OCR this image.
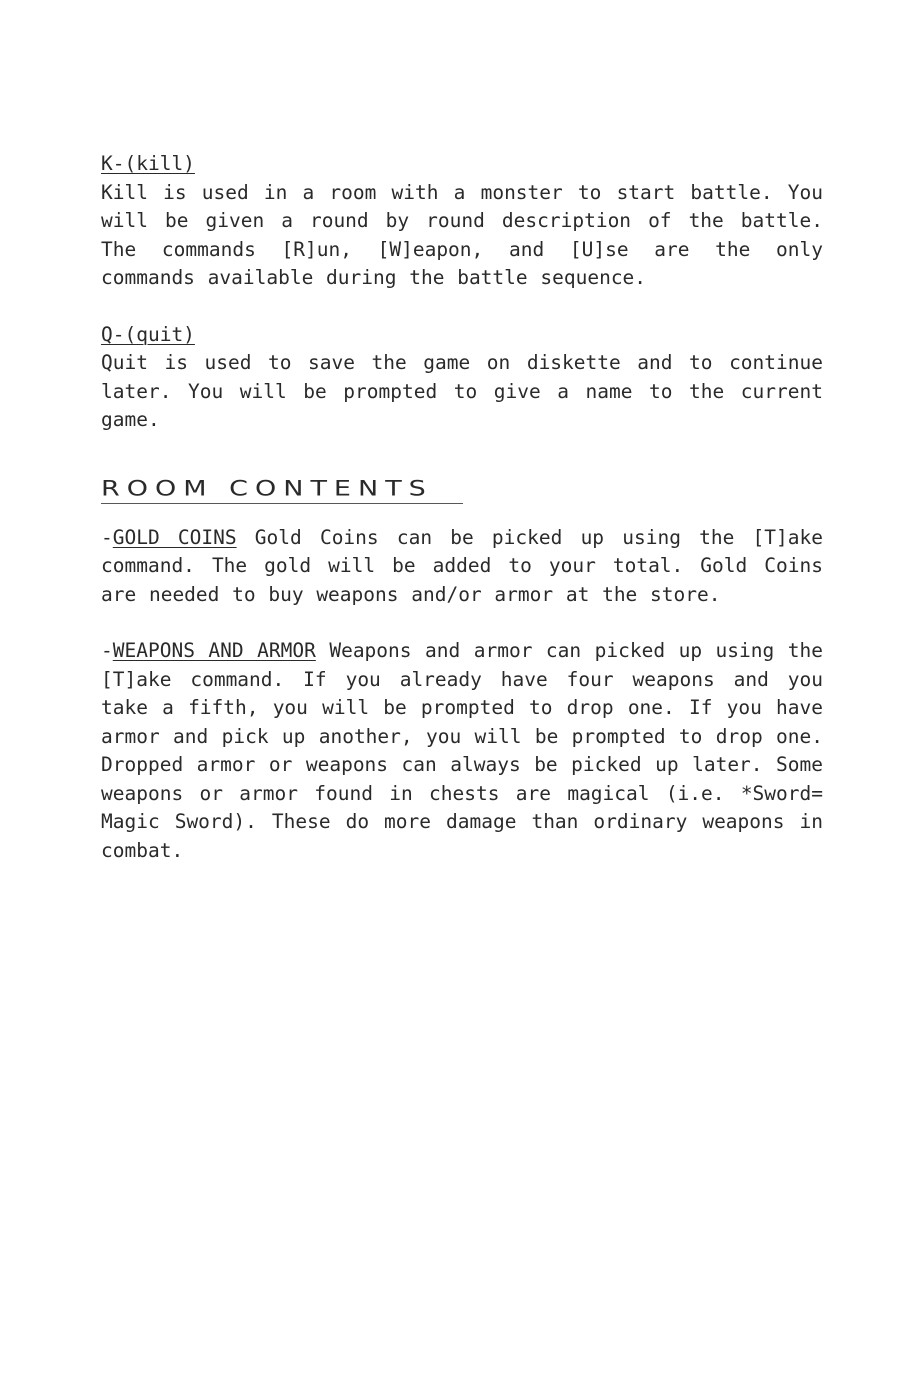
K-(kill)

Kill is used in a room with a monster to start battle. You will be given a round by round description of the battle. The commands [R]un, [W]eapon, and [U]se are the only commands available during the battle sequence.

Q-(quit)

Quit is used to save the game on diskette and to continue later. You will be prompted to give a name to the current game.

ROOM CONTENTS

-GOLD COINS Gold Coins can be picked up using the [T]ake command. The gold will be added to your total. Gold Coins are needed to buy weapons and/or armor at the store.

-WEAPONS AND ARMOR Weapons and armor can picked up using the [T]ake command. If you already have four weapons and you take a fifth, you will be prompted to drop one. If you have armor and pick up another, you will be prompted to drop one. Dropped armor or weapons can always be picked up later. Some weapons or armor found in chests are magical (i.e. *Sword= Magic Sword). These do more damage than ordinary weapons in combat.
